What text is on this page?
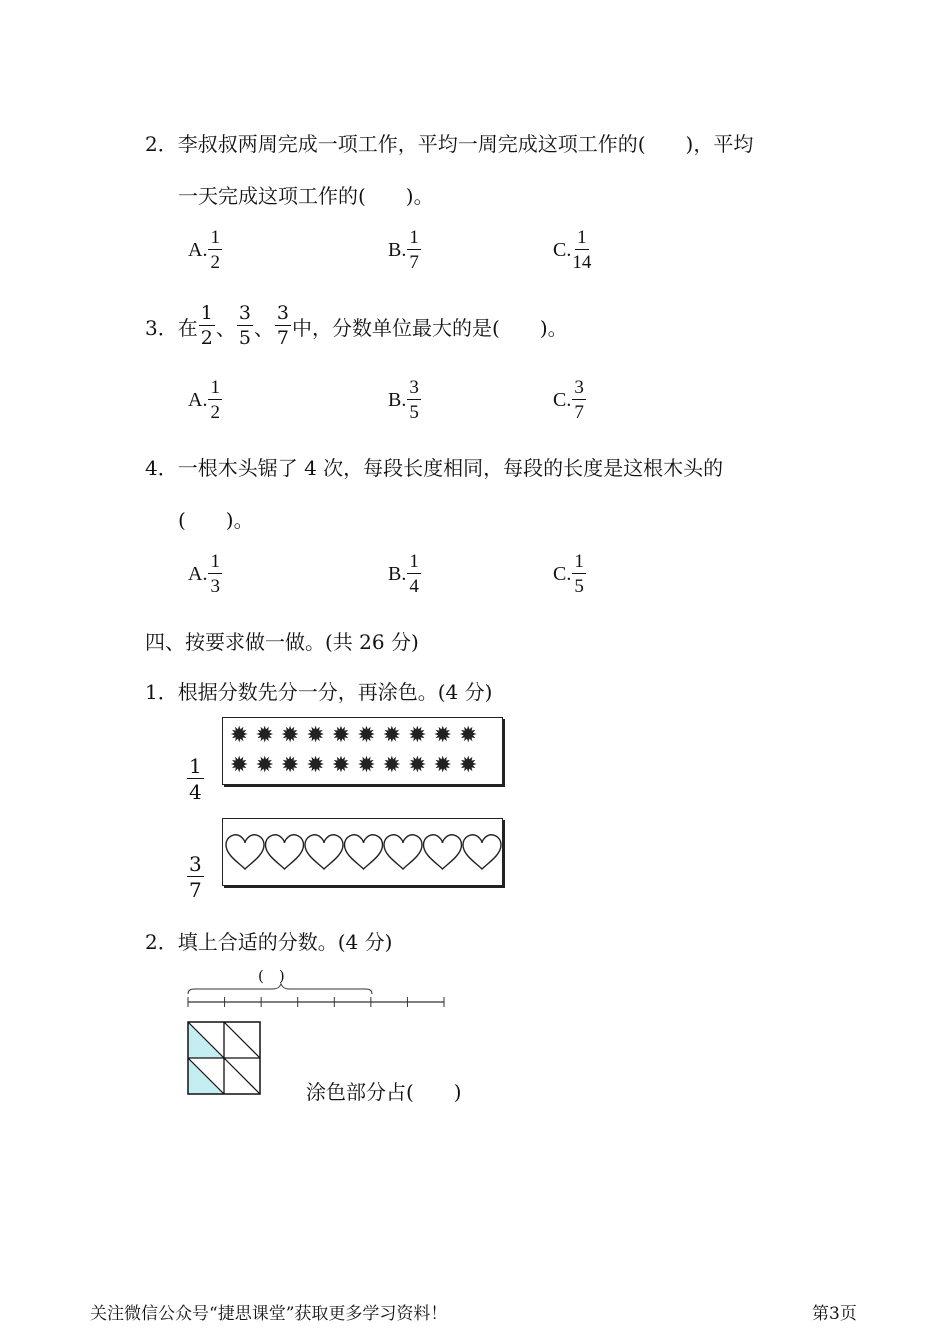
2．李叔叔两周完成一项工作，平均一周完成这项工作的(　　)，平均
一天完成这项工作的(　　)。
A. $\frac{1}{2}$	B. $\frac{1}{7}$	C. $\frac{1}{14}$
3．在 $\frac{1}{2}$ 、 $\frac{3}{5}$ 、 $\frac{3}{7}$ 中，分数单位最大的是(　　)。
A. $\frac{1}{2}$	B. $\frac{3}{5}$	C. $\frac{3}{7}$
4．一根木头锯了 4 次，每段长度相同，每段的长度是这根木头的
(　　)。
A. $\frac{1}{3}$	B. $\frac{1}{4}$	C. $\frac{1}{5}$
四、按要求做一做。(共 26 分)
1．根据分数先分一分，再涂色。(4 分)
$\frac{1}{4}$
✹ ✹ ✹ ✹ ✹ ✹ ✹ ✹ ✹ ✹
✹ ✹ ✹ ✹ ✹ ✹ ✹ ✹ ✹ ✹
$\frac{3}{7}$
2．填上合适的分数。(4 分)
(　)
涂色部分占(　　)
关注微信公众号“捷思课堂”获取更多学习资料！	第3页
